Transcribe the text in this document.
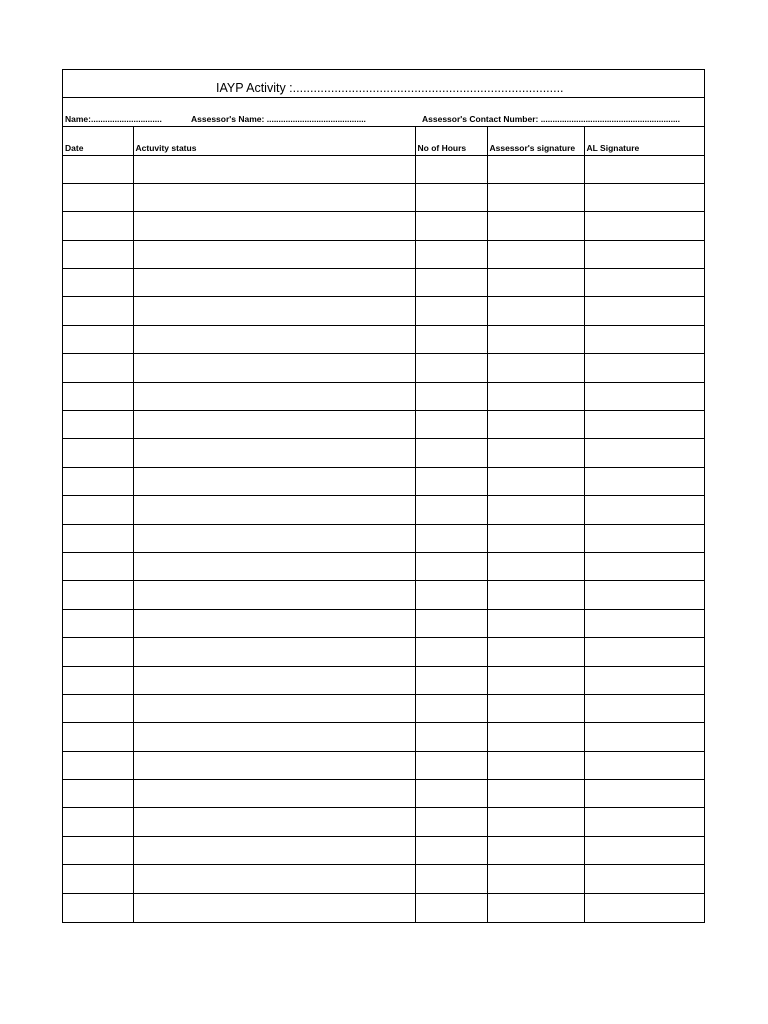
IAYP Activity :..............................................................................
Name:..............................	Assessor's Name: ..........................................	Assessor's Contact Number: ...........................................................
Date	Actuvity status	No of Hours	Assessor's signature	AL Signature
